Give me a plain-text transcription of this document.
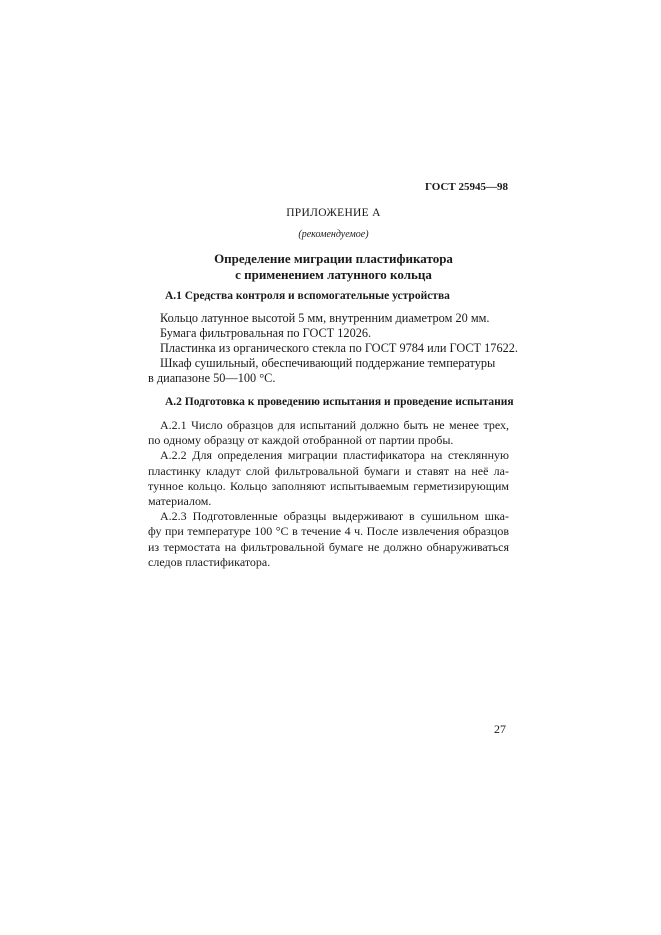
ГОСТ 25945—98
ПРИЛОЖЕНИЕ А
(рекомендуемое)
Определение миграции пластификатора
с применением латунного кольца
А.1 Средства контроля и вспомогательные устройства
Кольцо латунное высотой 5 мм, внутренним диаметром 20 мм.
Бумага фильтровальная по ГОСТ 12026.
Пластинка из органического стекла по ГОСТ 9784 или ГОСТ 17622.
Шкаф сушильный, обеспечивающий поддержание температуры
в диапазоне 50—100 °С.
А.2 Подготовка к проведению испытания и проведение испытания
А.2.1 Число образцов для испытаний должно быть не менее трех,
по одному образцу от каждой отобранной от партии пробы.
А.2.2 Для определения миграции пластификатора на стеклянную
пластинку кладут слой фильтровальной бумаги и ставят на неё ла-
тунное кольцо. Кольцо заполняют испытываемым герметизирующим
материалом.
А.2.3 Подготовленные образцы выдерживают в сушильном шка-
фу при температуре 100 °С в течение 4 ч. После извлечения образцов
из термостата на фильтровальной бумаге не должно обнаруживаться
следов пластификатора.
27
